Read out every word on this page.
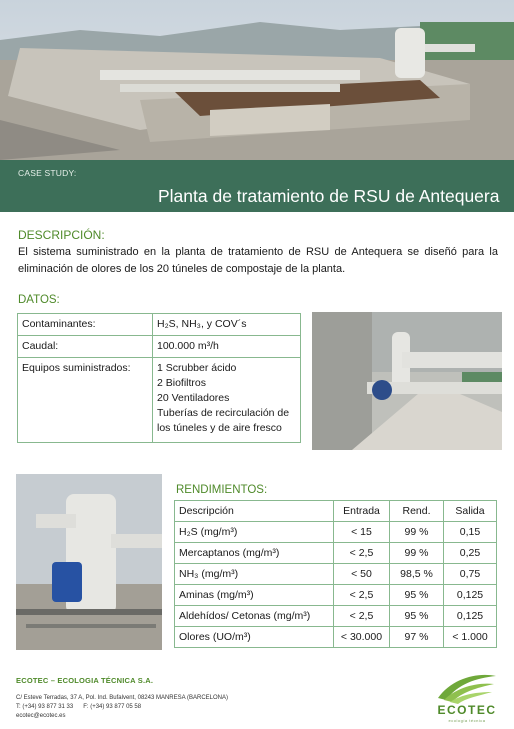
CASE STUDY:
Planta de tratamiento de RSU de Antequera
DESCRIPCIÓN:
El sistema suministrado en la planta de tratamiento de RSU de Antequera se diseñó para la eliminación de olores de los 20 túneles de compostaje de la planta.
DATOS:
Contaminantes:	H₂S, NH₃, y COV´s
Caudal:	100.000 m³/h
Equipos suministrados:	1 Scrubber ácido
2 Biofiltros
20 Ventiladores
Tuberías de recirculación de los túneles y de aire fresco
RENDIMIENTOS:
Descripción	Entrada	Rend.	Salida
H₂S (mg/m³)	< 15	99 %	0,15
Mercaptanos (mg/m³)	< 2,5	99 %	0,25
NH₃ (mg/m³)	< 50	98,5 %	0,75
Aminas (mg/m³)	< 2,5	95 %	0,125
Aldehídos/ Cetonas (mg/m³)	< 2,5	95 %	0,125
Olores (UO/m³)	< 30.000	97 %	< 1.000
ECOTEC – ECOLOGIA TÉCNICA S.A.
C/ Esteve Terradas, 37 A, Pol. Ind. Bufalvent, 08243 MANRESA (BARCELONA)
T: (+34) 93 877 31 33      F: (+34) 93 877 05 58
ecotec@ecotec.es	ECOTEC
ecología técnica
